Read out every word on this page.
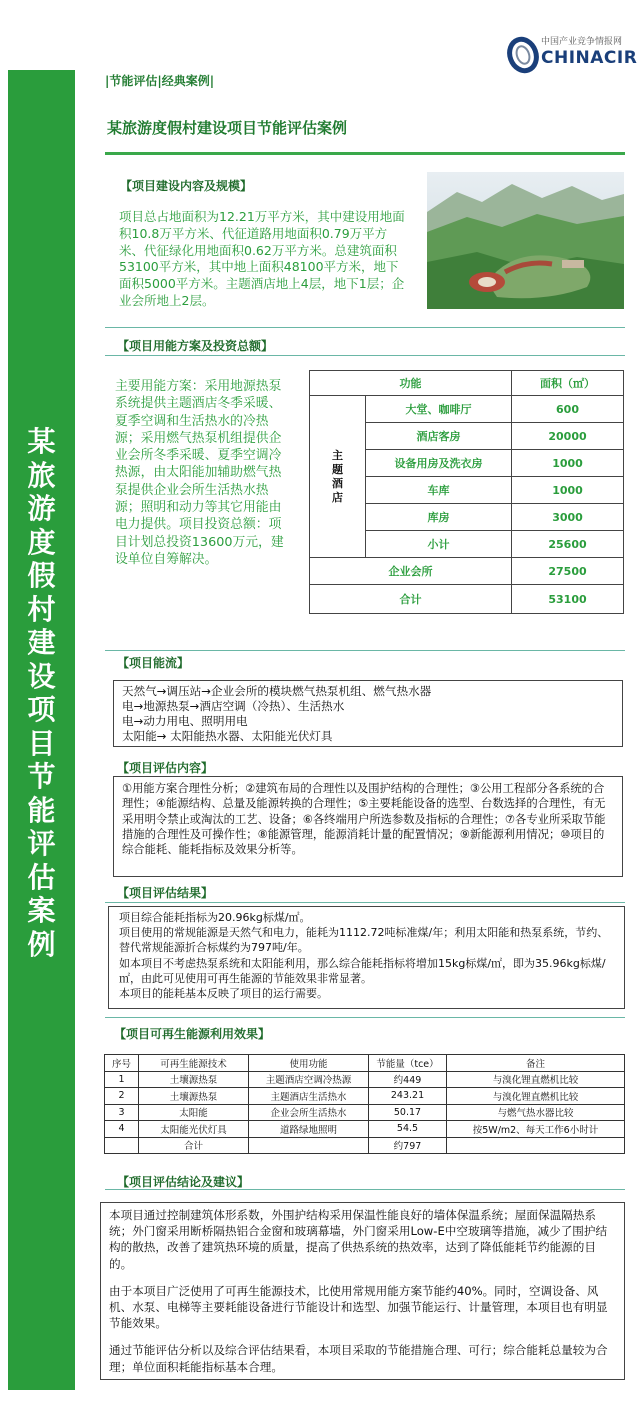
某
旅
游
度
假
村
建
设
项
目
节
能
评
估
案
例
|节能评估|经典案例|
中国产业竞争情报网
CHINACIR
某旅游度假村建设项目节能评估案例
【项目建设内容及规模】
项目总占地面积为12.21万平方米，其中建设用地面积10.8万平方米、代征道路用地面积0.79万平方米、代征绿化用地面积0.62万平方米。总建筑面积53100平方米，其中地上面积48100平方米，地下面积5000平方米。主题酒店地上4层，地下1层；企业会所地上2层。
【项目用能方案及投资总额】
主要用能方案：采用地源热泵系统提供主题酒店冬季采暖、夏季空调和生活热水的冷热源；采用燃气热泵机组提供企业会所冬季采暖、夏季空调冷热源，由太阳能加辅助燃气热泵提供企业会所生活热水热源；照明和动力等其它用能由电力提供。项目投资总额：项目计划总投资13600万元，建设单位自筹解决。
功能		面积（㎡）
主题酒店	大堂、咖啡厅	600
	酒店客房	20000
	设备用房及洗衣房	1000
	车库	1000
	库房	3000
	小计	25600
企业会所		27500
合计		53100
【项目能流】
天然气→调压站→企业会所的模块燃气热泵机组、燃气热水器
电→地源热泵→酒店空调（冷热）、生活热水
电→动力用电、照明用电
太阳能→ 太阳能热水器、太阳能光伏灯具
【项目评估内容】
①用能方案合理性分析；②建筑布局的合理性以及围护结构的合理性；③公用工程部分各系统的合理性；④能源结构、总量及能源转换的合理性；⑤主要耗能设备的选型、台数选择的合理性，有无采用明令禁止或淘汰的工艺、设备；⑥各终端用户所选参数及指标的合理性；⑦各专业所采取节能措施的合理性及可操作性；⑧能源管理，能源消耗计量的配置情况；⑨新能源利用情况；⑩项目的综合能耗、能耗指标及效果分析等。
【项目评估结果】
项目综合能耗指标为20.96kg标煤/㎡。
项目使用的常规能源是天然气和电力，能耗为1112.72吨标准煤/年；利用太阳能和热泵系统，节约、替代常规能源折合标煤约为797吨/年。
如本项目不考虑热泵系统和太阳能利用，那么综合能耗指标将增加15kg标煤/㎡，即为35.96kg标煤/㎡，由此可见使用可再生能源的节能效果非常显著。
本项目的能耗基本反映了项目的运行需要。
【项目可再生能源利用效果】
序号	可再生能源技术	使用功能	节能量（tce）	备注
1	土壤源热泵	主题酒店空调冷热源	约449	与溴化锂直燃机比较
2	土壤源热泵	主题酒店生活热水	243.21	与溴化锂直燃机比较
3	太阳能	企业会所生活热水	50.17	与燃气热水器比较
4	太阳能光伏灯具	道路绿地照明	54.5	按5W/m2、每天工作6小时计
	合计		约797	
【项目评估结论及建议】

本项目通过控制建筑体形系数，外围护结构采用保温性能良好的墙体保温系统；屋面保温隔热系统；外门窗采用断桥隔热铝合金窗和玻璃幕墙，外门窗采用Low-E中空玻璃等措施，减少了围护结构的散热，改善了建筑热环境的质量，提高了供热系统的热效率，达到了降低能耗节约能源的目的。

由于本项目广泛使用了可再生能源技术，比使用常规用能方案节能约40%。同时，空调设备、风机、水泵、电梯等主要耗能设备进行节能设计和选型、加强节能运行、计量管理，本项目也有明显节能效果。

通过节能评估分析以及综合评估结果看，本项目采取的节能措施合理、可行；综合能耗总量较为合理；单位面积耗能指标基本合理。
